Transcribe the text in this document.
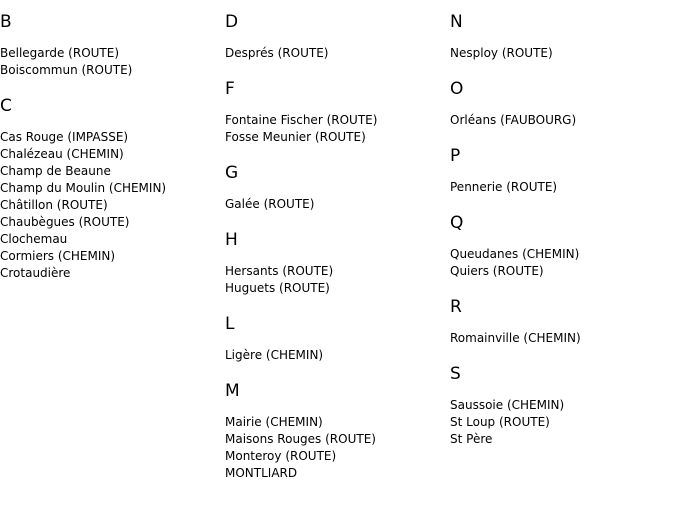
B
Bellegarde (ROUTE)
Boiscommun (ROUTE)
C
Cas Rouge (IMPASSE)
Chalézeau (CHEMIN)
Champ de Beaune
Champ du Moulin (CHEMIN)
Châtillon (ROUTE)
Chaubègues (ROUTE)
Clochemau
Cormiers (CHEMIN)
Crotaudière
D
Després (ROUTE)
F
Fontaine Fischer (ROUTE)
Fosse Meunier (ROUTE)
G
Galée (ROUTE)
H
Hersants (ROUTE)
Huguets (ROUTE)
L
Ligère (CHEMIN)
M
Mairie (CHEMIN)
Maisons Rouges (ROUTE)
Monteroy (ROUTE)
MONTLIARD
N
Nesploy (ROUTE)
O
Orléans (FAUBOURG)
P
Pennerie (ROUTE)
Q
Queudanes (CHEMIN)
Quiers (ROUTE)
R
Romainville (CHEMIN)
S
Saussoie (CHEMIN)
St Loup (ROUTE)
St Père
